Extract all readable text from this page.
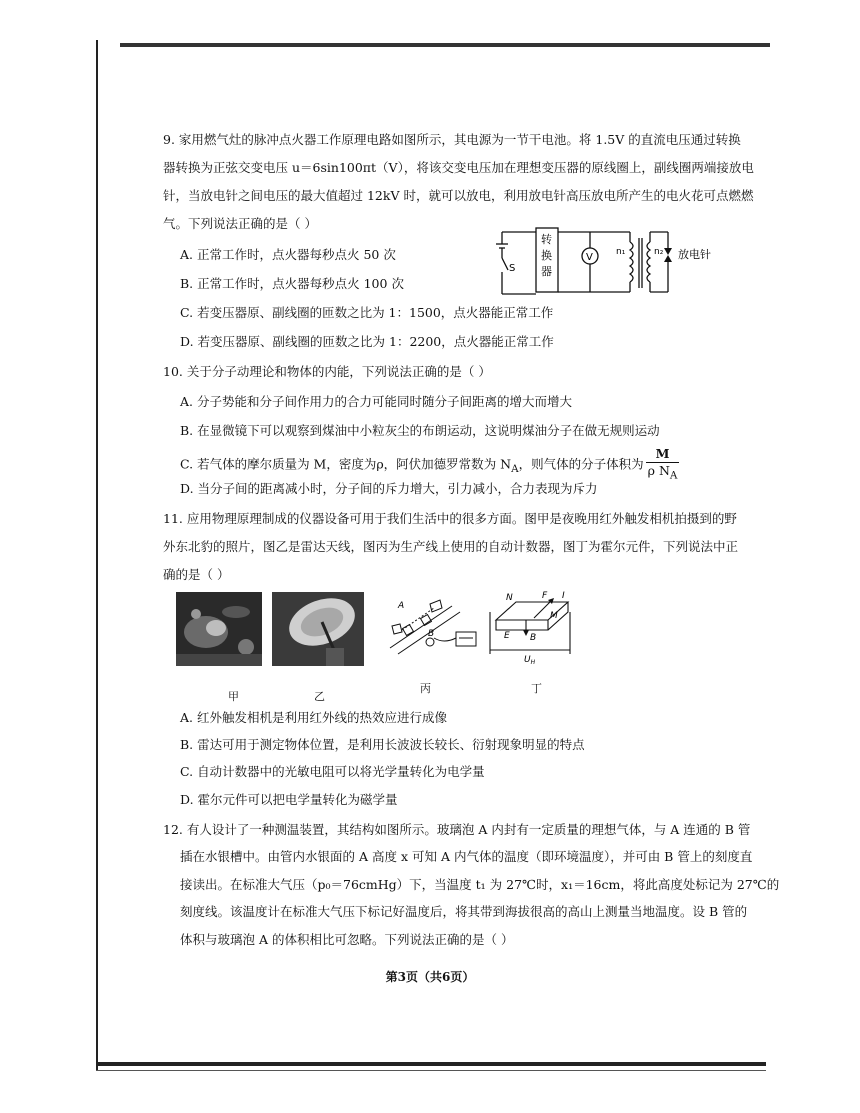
9. 家用燃气灶的脉冲点火器工作原理电路如图所示，其电源为一节干电池。将 1.5V 的直流电压通过转换
器转换为正弦交变电压 u＝6sin100πt（V），将该交变电压加在理想变压器的原线圈上，副线圈两端接放电
针，当放电针之间电压的最大值超过 12kV 时，就可以放电，利用放电针高压放电所产生的电火花可点燃燃
气。下列说法正确的是（ ）
A. 正常工作时，点火器每秒点火 50 次
B. 正常工作时，点火器每秒点火 100 次
C. 若变压器原、副线圈的匝数之比为 1：1500，点火器能正常工作
D. 若变压器原、副线圈的匝数之比为 1：2200，点火器能正常工作
S
转
换
器
V	n₁	n₂ 放电针
10. 关于分子动理论和物体的内能，下列说法正确的是（ ）
A. 分子势能和分子间作用力的合力可能同时随分子间距离的增大而增大
B. 在显微镜下可以观察到煤油中小粒灰尘的布朗运动，这说明煤油分子在做无规则运动
C. 若气体的摩尔质量为 M，密度为ρ，阿伏加德罗常数为 $N_A$，则气体的分子体积为 $\frac{M}{\rho N_A}$
D. 当分子间的距离减小时，分子间的斥力增大，引力减小，合力表现为斥力
11. 应用物理原理制成的仪器设备可用于我们生活中的很多方面。图甲是夜晚用红外触发相机拍摄到的野
外东北豹的照片，图乙是雷达天线，图丙为生产线上使用的自动计数器，图丁为霍尔元件，下列说法中正
确的是（ ）
A
B
N	F I
M
E B
$U_H$
甲	乙
丙	丁
A. 红外触发相机是利用红外线的热效应进行成像
B. 雷达可用于测定物体位置，是利用长波波长较长、衍射现象明显的特点
C. 自动计数器中的光敏电阻可以将光学量转化为电学量
D. 霍尔元件可以把电学量转化为磁学量
12. 有人设计了一种测温装置，其结构如图所示。玻璃泡 A 内封有一定质量的理想气体，与 A 连通的 B 管
插在水银槽中。由管内水银面的 A 高度 x 可知 A 内气体的温度（即环境温度），并可由 B 管上的刻度直
接读出。在标准大气压（p₀＝76cmHg）下，当温度 t₁ 为 27℃时，x₁＝16cm，将此高度处标记为 27℃的
刻度线。该温度计在标准大气压下标记好温度后，将其带到海拔很高的高山上测量当地温度。设 B 管的
体积与玻璃泡 A 的体积相比可忽略。下列说法正确的是（ ）
第3页（共6页）
